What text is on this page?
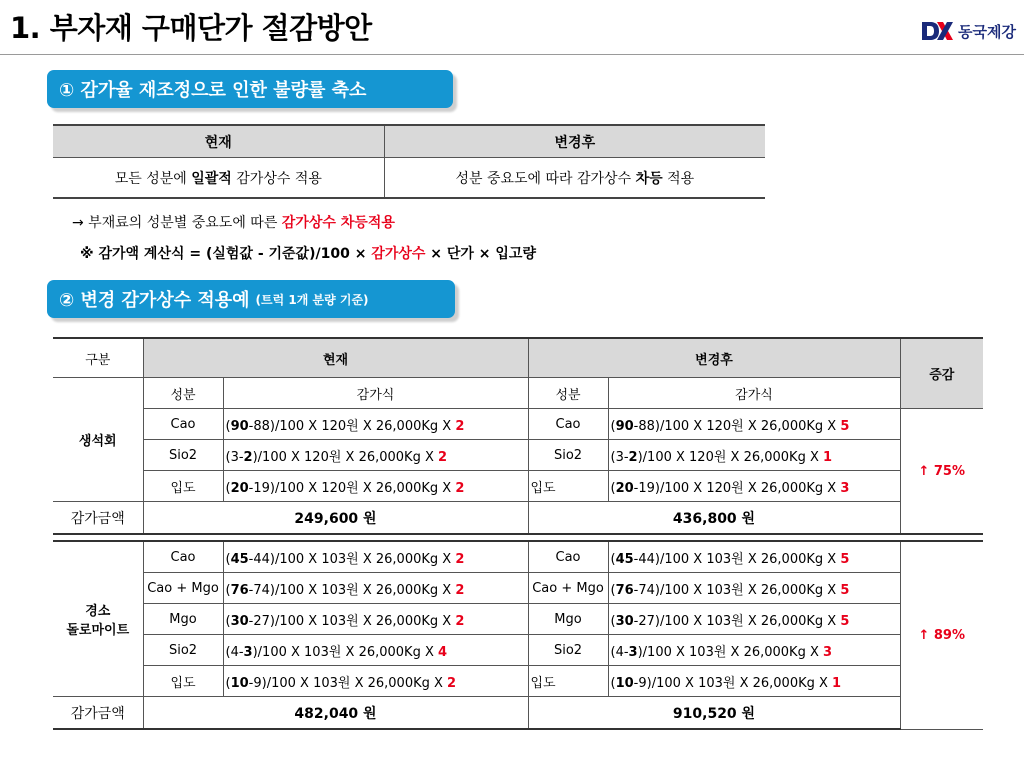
1. 부자재 구매단가 절감방안	동국제강
① 감가율 재조정으로 인한 불량률 축소
현재	변경후
모든 성분에 일괄적 감가상수 적용	성분 중요도에 따라 감가상수 차등 적용
→ 부재료의 성분별 중요도에 따른 감가상수 차등적용
※ 감가액 계산식 = (실험값 - 기준값)/100 × 감가상수 × 단가 × 입고량
② 변경 감가상수 적용예 (트럭 1개 분량 기준)
구분	현재		변경후		증감
생석회	성분	감가식	성분	감가식	
	Cao	(90-88)/100 X 120원 X 26,000Kg X 2	Cao	(90-88)/100 X 120원 X 26,000Kg X 5	↑ 75%
	Sio2	(3-2)/100 X 120원 X 26,000Kg X 2	Sio2	(3-2)/100 X 120원 X 26,000Kg X 1	
	입도	(20-19)/100 X 120원 X 26,000Kg X 2	입도	(20-19)/100 X 120원 X 26,000Kg X 3	
감가금액	249,600 원		436,800 원		

경소
돌로마이트	Cao	(45-44)/100 X 103원 X 26,000Kg X 2	Cao	(45-44)/100 X 103원 X 26,000Kg X 5	↑ 89%
	Cao + Mgo	(76-74)/100 X 103원 X 26,000Kg X 2	Cao + Mgo	(76-74)/100 X 103원 X 26,000Kg X 5	
	Mgo	(30-27)/100 X 103원 X 26,000Kg X 2	Mgo	(30-27)/100 X 103원 X 26,000Kg X 5	
	Sio2	(4-3)/100 X 103원 X 26,000Kg X 4	Sio2	(4-3)/100 X 103원 X 26,000Kg X 3	
	입도	(10-9)/100 X 103원 X 26,000Kg X 2	입도	(10-9)/100 X 103원 X 26,000Kg X 1	
감가금액	482,040 원		910,520 원		
